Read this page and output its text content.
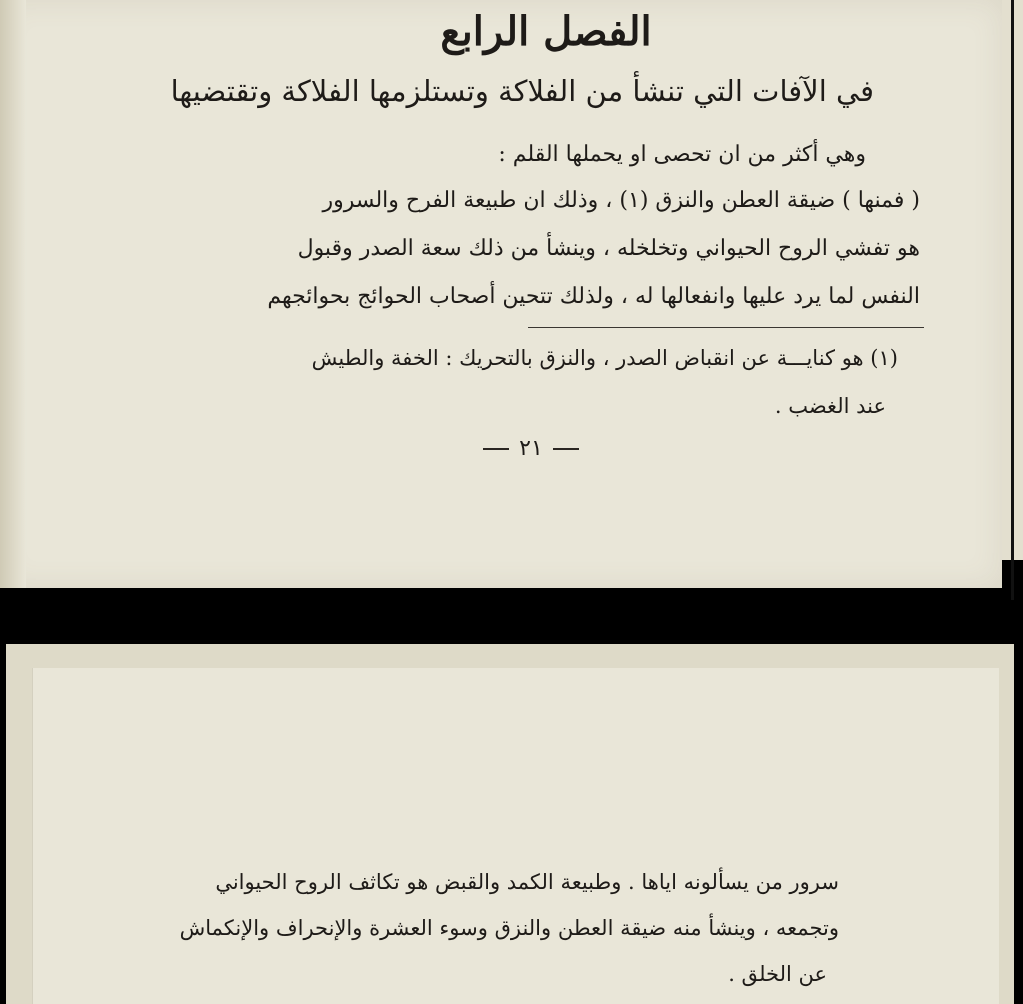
الفصل الرابع
في الآفات التي تنشأ من الفلاكة وتستلزمها الفلاكة وتقتضيها
وهي أكثر من ان تحصى او يحملها القلم :
( فمنها ) ضيقة العطن والنزق (١) ، وذلك ان طبيعة الفرح والسرور
هو تفشي الروح الحيواني وتخلخله ، وينشأ من ذلك سعة الصدر وقبول
النفس لما يرد عليها وانفعالها له ، ولذلك تتحين أصحاب الحوائج بحوائجهم
(١) هو كنايـــة عن انقباض الصدر ، والنزق بالتحريك : الخفة والطيش
عند الغضب .
٢١
سرور من يسألونه اياها . وطبيعة الكمد والقبض هو تكاثف الروح الحيواني
وتجمعه ، وينشأ منه ضيقة العطن والنزق وسوء العشرة والإنحراف والإنكماش
عن الخلق .
